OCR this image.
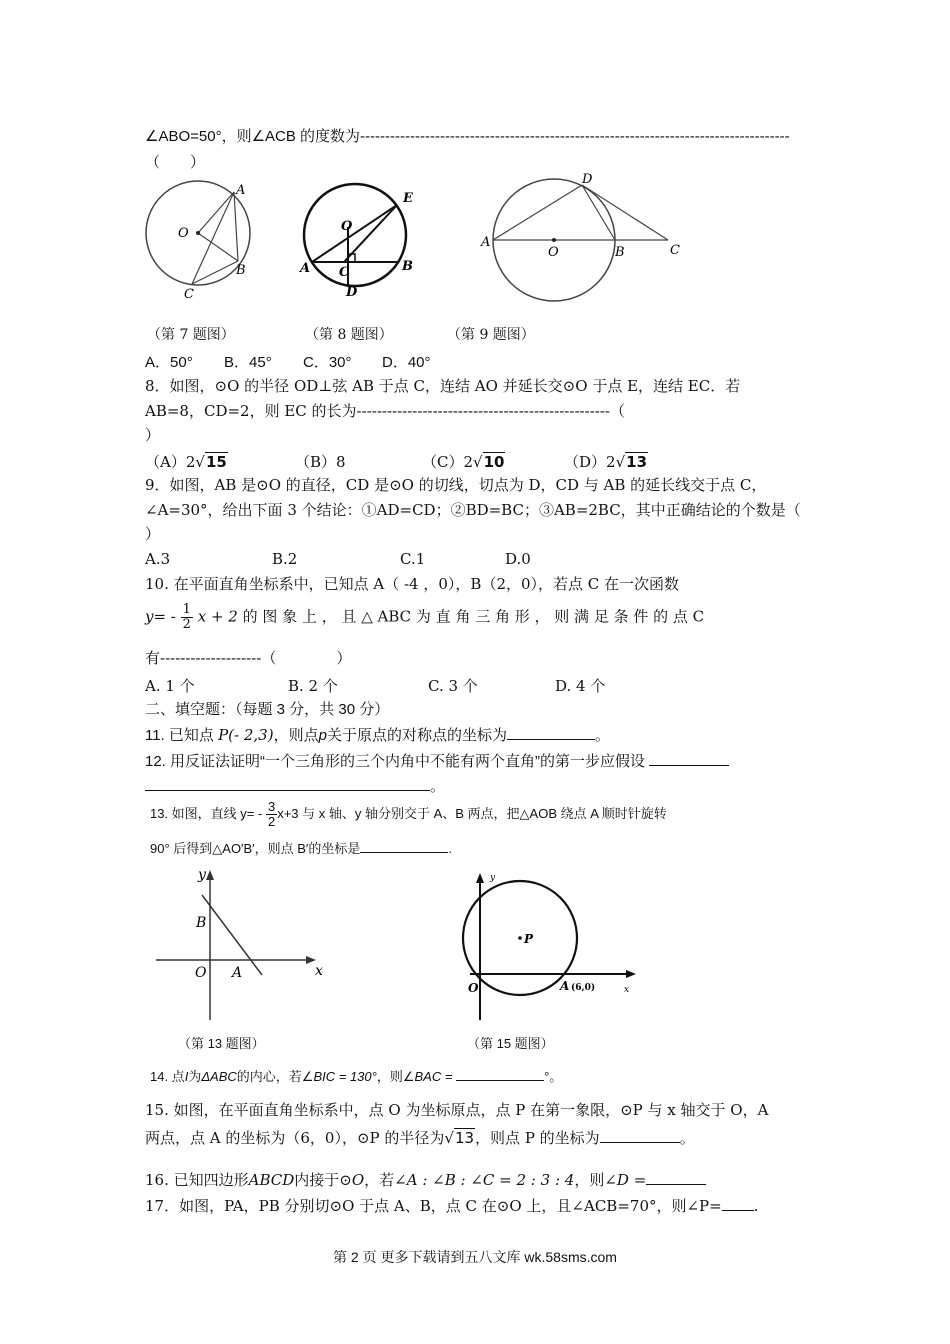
∠ABO=50°，则∠ACB 的度数为--------------------------------------------------------------------------------------
（　　）
A
B
C
O
E
O
A C	B
D
D
A
O	B	C
（第 7 题图）	（第 8 题图）	（第 9 题图）
A．50° B．45° C．30° D．40°
8．如图，⊙O 的半径 OD⊥弦 AB 于点 C，连结 AO 并延长交⊙O 于点 E，连结 EC．若
AB=8，CD=2，则 EC 的长为--------------------------------------------------（
）
（A）2√15	（B）8	（C）2√10	（D）2√13
9．如图，AB 是⊙O 的直径，CD 是⊙O 的切线，切点为 D，CD 与 AB 的延长线交于点 C，
∠A=30°，给出下面 3 个结论：①AD=CD；②BD=BC；③AB=2BC，其中正确结论的个数是（
）
A.3	B.2	C.1	D.0
10. 在平面直角坐标系中，已知点 A（ -4 ，0），B（2，0），若点 C 在一次函数
$y= - \frac{1}{2}$ x + 2 的 图 象 上 ， 且 △ ABC 为 直 角 三 角 形 ， 则 满 足 条 件 的 点 C
有--------------------（　　　　）
A. 1 个	B. 2 个	C. 3 个	D. 4 个
二、填空题：（每题 3 分，共 30 分）
11. 已知点 P(- 2,3)，则点p关于原点的对称点的坐标为	。
12. 用反证法证明“一个三角形的三个内角中不能有两个直角”的第一步应假设
。
13. 如图，直线 $y= - \frac{3}{2} x+3$ 与 x 轴、y 轴分别交于 A、B 两点，把△AOB 绕点 A 顺时针旋转
90° 后得到△AO′B′，则点 B′的坐标是	.
x
y
O A
B
y
x
O	A (6,0)
P
（第 13 题图）	（第 15 题图）
14. 点I为ΔABC的内心，若∠BIC = 130°，则∠BAC =	°。
15. 如图，在平面直角坐标系中，点 O 为坐标原点，点 P 在第一象限，⊙P 与 x 轴交于 O，A
两点，点 A 的坐标为（6，0），⊙P 的半径为√13，则点 P 的坐标为	。
16. 已知四边形ABCD内接于⊙O，若∠A : ∠B : ∠C = 2 : 3 : 4，则∠D =
17．如图，PA，PB 分别切⊙O 于点 A、B，点 C 在⊙O 上，且∠ACB=70°，则∠P= .
第 2 页 更多下载请到五八文库 wk.58sms.com
